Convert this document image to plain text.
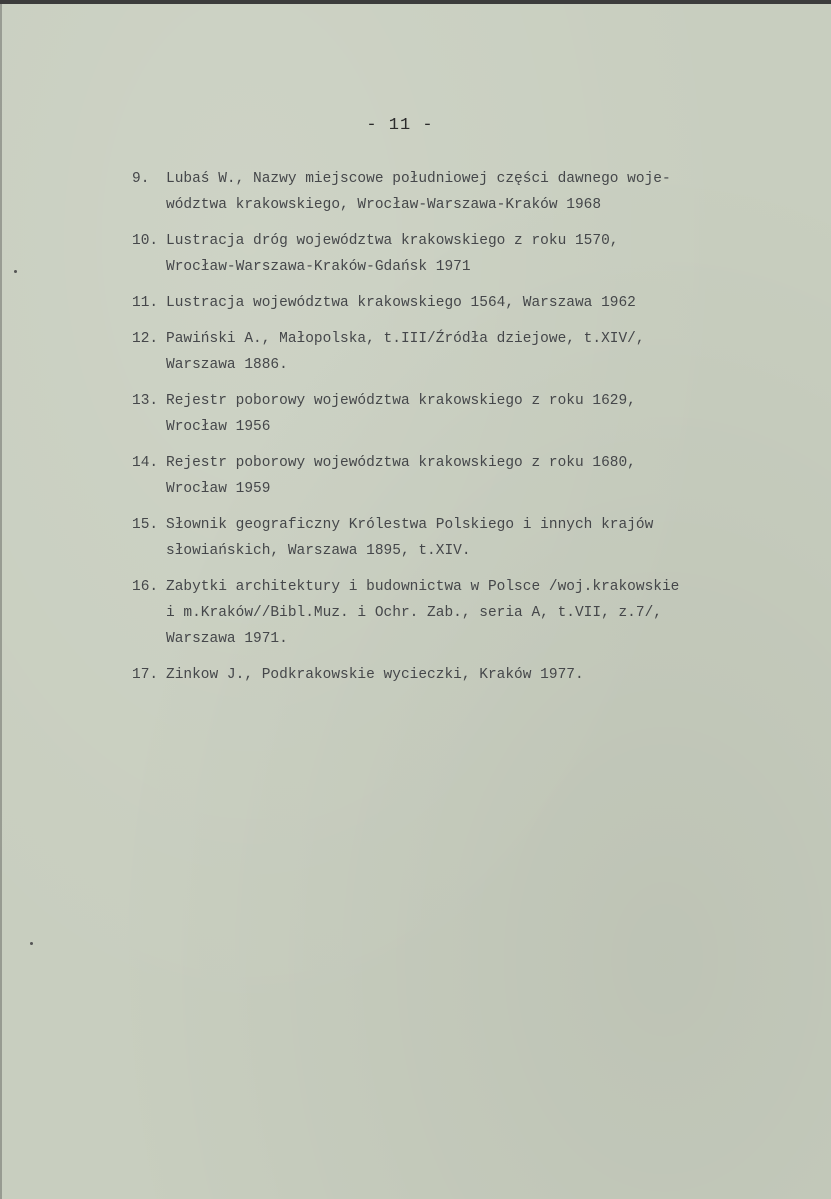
- 11 -
9.	Lubaś W., Nazwy miejscowe południowej części dawnego woje-
wództwa krakowskiego, Wrocław-Warszawa-Kraków 1968
10. Lustracja dróg województwa krakowskiego z roku 1570,
Wrocław-Warszawa-Kraków-Gdańsk 1971
11. Lustracja województwa krakowskiego 1564, Warszawa 1962
12. Pawiński A., Małopolska, t.III/Źródła dziejowe, t.XIV/,
Warszawa 1886.
13. Rejestr poborowy województwa krakowskiego z roku 1629,
Wrocław 1956
14. Rejestr poborowy województwa krakowskiego z roku 1680,
Wrocław 1959
15. Słownik geograficzny Królestwa Polskiego i innych krajów
słowiańskich, Warszawa 1895, t.XIV.
16. Zabytki architektury i budownictwa w Polsce /woj.krakowskie
i m.Kraków//Bibl.Muz. i Ochr. Zab., seria A, t.VII, z.7/,
Warszawa 1971.
17. Zinkow J., Podkrakowskie wycieczki, Kraków 1977.
